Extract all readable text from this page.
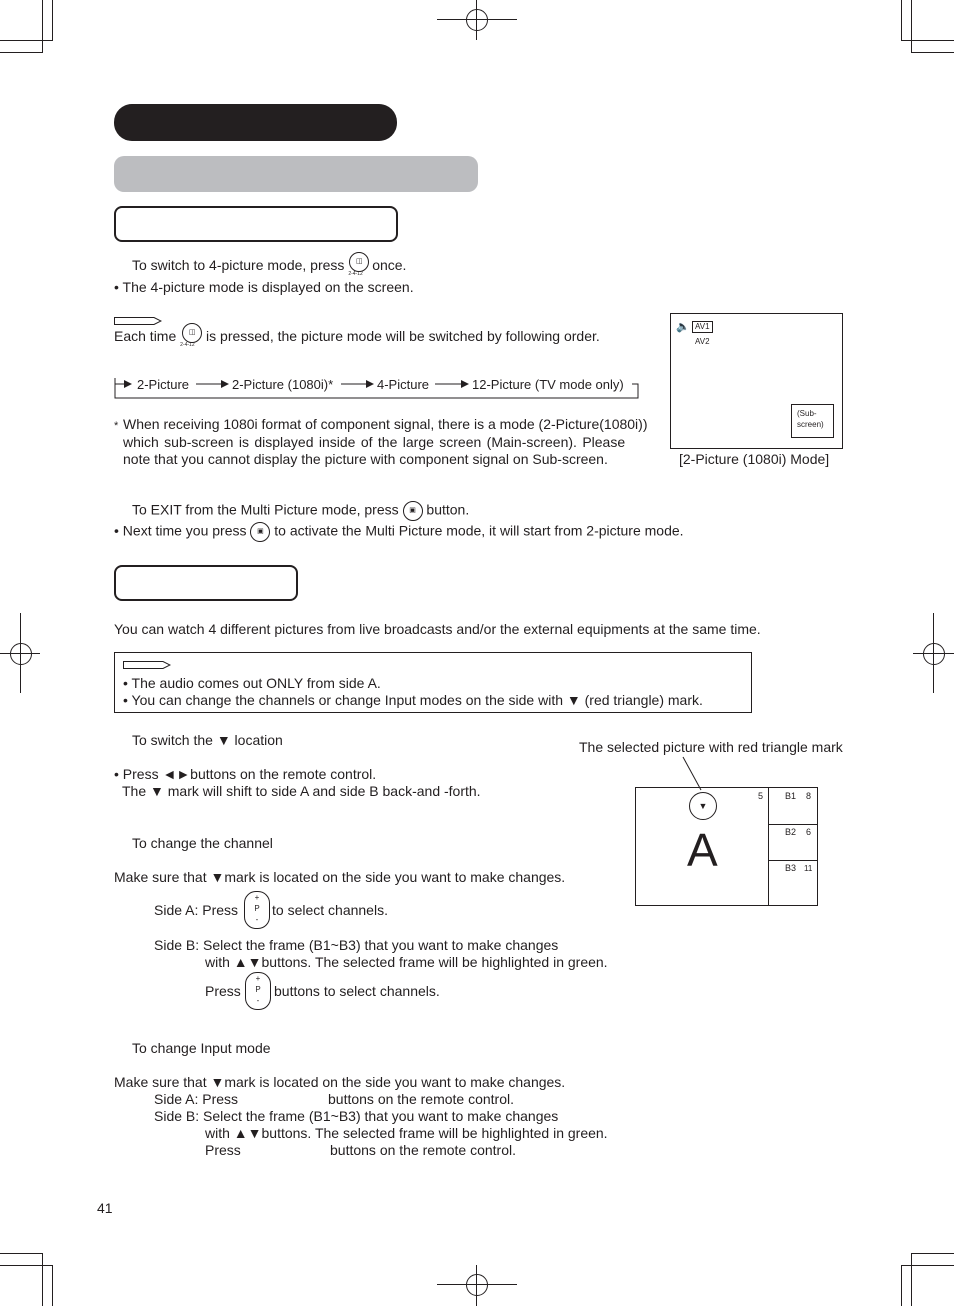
To switch to 4-picture mode, press	◫
2-4-12
once.
• The 4-picture mode is displayed on the screen.
Each time	◫
2-4-12
is pressed, the picture mode will be switched by following order.
2-Picture	2-Picture (1080i)*	4-Picture	12-Picture (TV mode only)
* When receiving 1080i format of component signal, there is a mode (2-Picture(1080i))
which sub-screen is displayed inside of the large screen (Main-screen). Please
note that you cannot display the picture with component signal on Sub-screen.
To EXIT from the Multi Picture mode, press ▣ button.
• Next time you press ▣ to activate the Multi Picture mode, it will start from 2-picture mode.
🔈 AV1
AV2
(Sub-
screen)
[2-Picture (1080i) Mode]
You can watch 4 different pictures from live broadcasts and/or the external equipments at the same time.
• The audio comes out ONLY from side A.
• You can change the channels or change Input modes on the side with ▼ (red triangle) mark.
To switch the ▼ location
• Press ◄►buttons on the remote control.
The ▼ mark will shift to side A and side B back-and -forth.
To change the channel
Make sure that ▼mark is located on the side you want to make changes.
Side A: Press
+
P
-
to select channels.
Side B: Select the frame (B1~B3) that you want to make changes
with ▲▼buttons. The selected frame will be highlighted in green.
Press
+
P
-
buttons to select channels.
To change Input mode
Make sure that ▼mark is located on the side you want to make changes.
Side A: Press	buttons on the remote control.
Side B: Select the frame (B1~B3) that you want to make changes
with ▲▼buttons. The selected frame will be highlighted in green.
Press	buttons on the remote control.
The selected picture with red triangle mark
▼
5
A
B1 8
B2 6
B3 11
41
